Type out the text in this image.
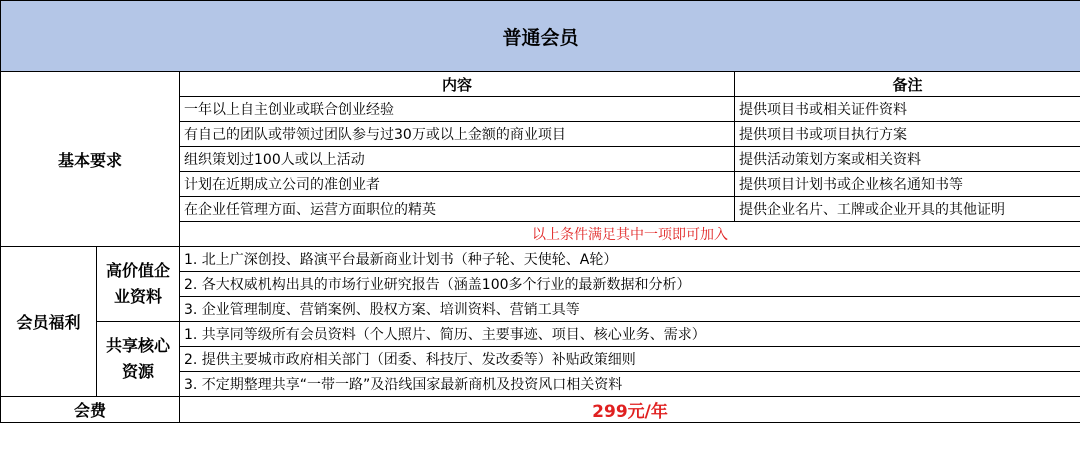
普通会员			
基本要求		内容	备注
		一年以上自主创业或联合创业经验	提供项目书或相关证件资料
		有自己的团队或带领过团队参与过30万或以上金额的商业项目	提供项目书或项目执行方案
		组织策划过100人或以上活动	提供活动策划方案或相关资料
		计划在近期成立公司的准创业者	提供项目计划书或企业核名通知书等
		在企业任管理方面、运营方面职位的精英	提供企业名片、工牌或企业开具的其他证明
		以上条件满足其中一项即可加入	
会员福利	高价值企业资料	1. 北上广深创投、路演平台最新商业计划书（种子轮、天使轮、A轮）	
		2. 各大权威机构出具的市场行业研究报告（涵盖100多个行业的最新数据和分析）	
		3. 企业管理制度、营销案例、股权方案、培训资料、营销工具等	
	共享核心资源	1. 共享同等级所有会员资料（个人照片、简历、主要事迹、项目、核心业务、需求）	
		2. 提供主要城市政府相关部门（团委、科技厅、发改委等）补贴政策细则	
		3. 不定期整理共享“一带一路”及沿线国家最新商机及投资风口相关资料	
会费		299元/年	
